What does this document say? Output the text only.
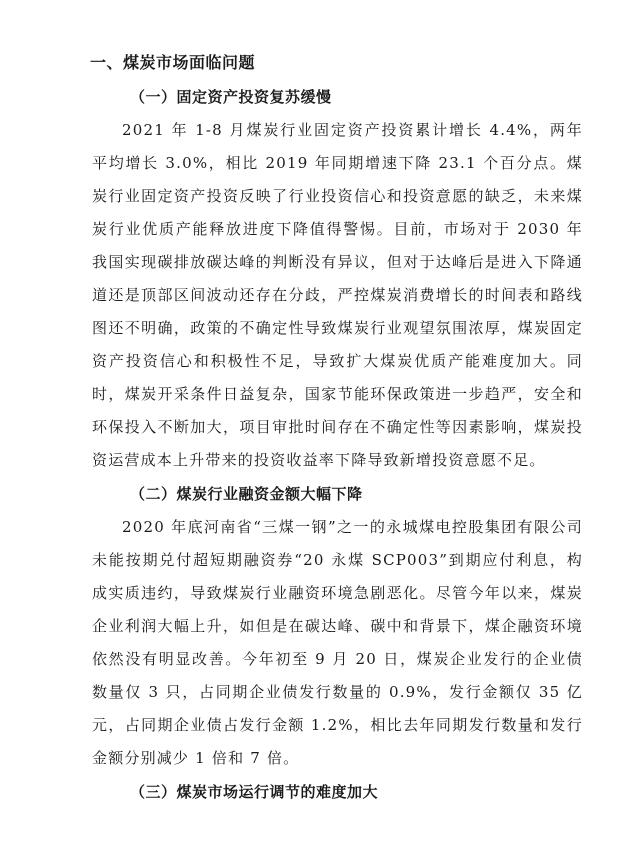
一、煤炭市场面临问题
（一）固定资产投资复苏缓慢

2021 年 1-8 月煤炭行业固定资产投资累计增长 4.4%，两年平均增长 3.0%，相比 2019 年同期增速下降 23.1 个百分点。煤炭行业固定资产投资反映了行业投资信心和投资意愿的缺乏，未来煤炭行业优质产能释放进度下降值得警惕。目前，市场对于 2030 年我国实现碳排放碳达峰的判断没有异议，但对于达峰后是进入下降通道还是顶部区间波动还存在分歧，严控煤炭消费增长的时间表和路线图还不明确，政策的不确定性导致煤炭行业观望氛围浓厚，煤炭固定资产投资信心和积极性不足，导致扩大煤炭优质产能难度加大。同时，煤炭开采条件日益复杂，国家节能环保政策进一步趋严，安全和环保投入不断加大，项目审批时间存在不确定性等因素影响，煤炭投资运营成本上升带来的投资收益率下降导致新增投资意愿不足。

（二）煤炭行业融资金额大幅下降

2020 年底河南省“三煤一钢”之一的永城煤电控股集团有限公司未能按期兑付超短期融资券“20 永煤 SCP003”到期应付利息，构成实质违约，导致煤炭行业融资环境急剧恶化。尽管今年以来，煤炭企业利润大幅上升，如但是在碳达峰、碳中和背景下，煤企融资环境依然没有明显改善。今年初至 9 月 20 日，煤炭企业发行的企业债数量仅 3 只，占同期企业债发行数量的 0.9%，发行金额仅 35 亿元，占同期企业债占发行金额 1.2%，相比去年同期发行数量和发行金额分别减少 1 倍和 7 倍。

（三）煤炭市场运行调节的难度加大
